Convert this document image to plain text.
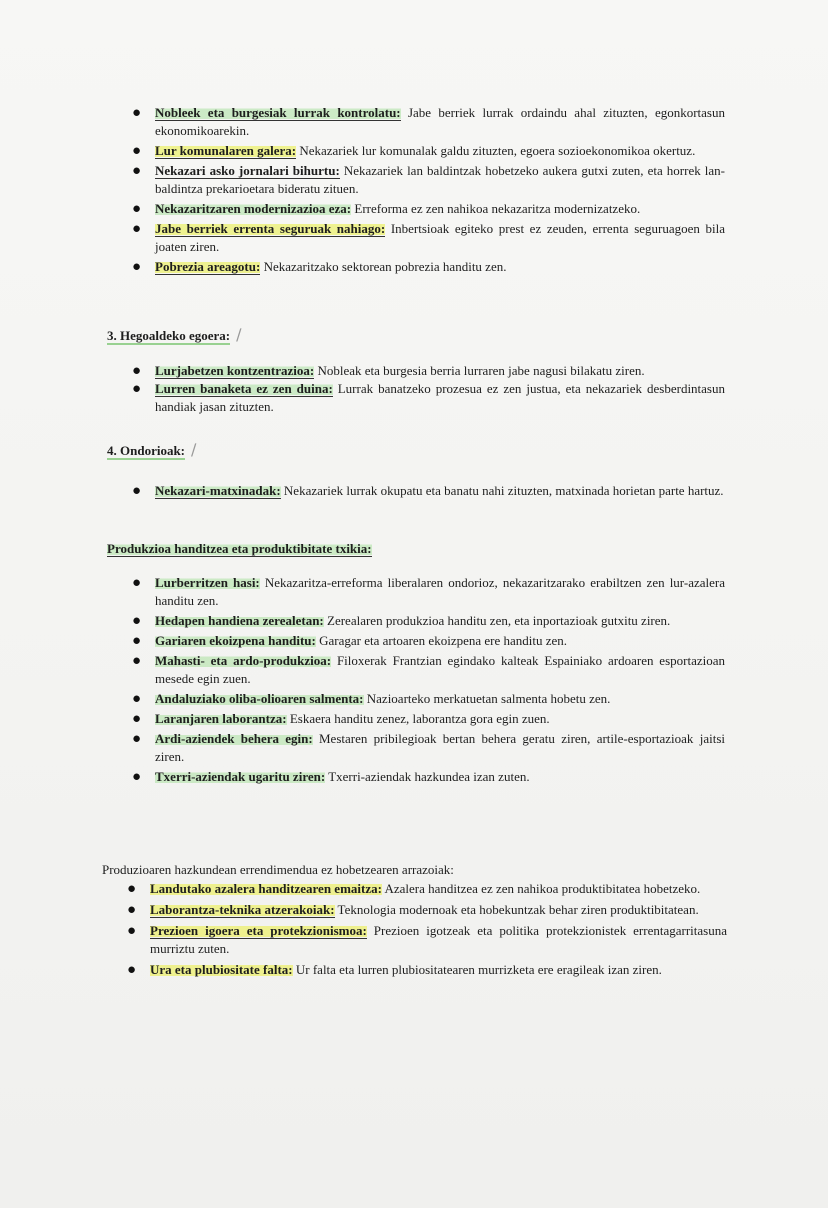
● Nobleek eta burgesiak lurrak kontrolatu: Jabe berriek lurrak ordaindu ahal zituzten, egonkortasun ekonomikoarekin.

● Lur komunalaren galera: Nekazariek lur komunalak galdu zituzten, egoera sozioekonomikoa okertuz.

● Nekazari asko jornalari bihurtu: Nekazariek lan baldintzak hobetzeko aukera gutxi zuten, eta horrek lan-baldintza prekarioetara bideratu zituen.

● Nekazaritzaren modernizazioa eza: Erreforma ez zen nahikoa nekazaritza modernizatzeko.

● Jabe berriek errenta seguruak nahiago: Inbertsioak egiteko prest ez zeuden, errenta seguruagoen bila joaten ziren.

● Pobrezia areagotu: Nekazaritzako sektorean pobrezia handitu zen.

3. Hegoaldeko egoera: ∕
● Lurjabetzen kontzentrazioa: Nobleak eta burgesia berria lurraren jabe nagusi bilakatu ziren.

● Lurren banaketa ez zen duina: Lurrak banatzeko prozesua ez zen justua, eta nekazariek desberdintasun handiak jasan zituzten.

4. Ondorioak: ∕
● Nekazari-matxinadak: Nekazariek lurrak okupatu eta banatu nahi zituzten, matxinada horietan parte hartuz.

Produkzioa handitzea eta produktibitate txikia:
● Lurberritzen hasi: Nekazaritza-erreforma liberalaren ondorioz, nekazaritzarako erabiltzen zen lur-azalera handitu zen.

● Hedapen handiena zerealetan: Zerealaren produkzioa handitu zen, eta inportazioak gutxitu ziren.

● Gariaren ekoizpena handitu: Garagar eta artoaren ekoizpena ere handitu zen.

● Mahasti- eta ardo-produkzioa: Filoxerak Frantzian egindako kalteak Espainiako ardoaren esportazioan mesede egin zuen.

● Andaluziako oliba-olioaren salmenta: Nazioarteko merkatuetan salmenta hobetu zen.

● Laranjaren laborantza: Eskaera handitu zenez, laborantza gora egin zuen.

● Ardi-aziendek behera egin: Mestaren pribilegioak bertan behera geratu ziren, artile-esportazioak jaitsi ziren.

● Txerri-aziendak ugaritu ziren: Txerri-aziendak hazkundea izan zuten.

Produzioaren hazkundean errendimendua ez hobetzearen arrazoiak:

● Landutako azalera handitzearen emaitza: Azalera handitzea ez zen nahikoa produktibitatea hobetzeko.

● Laborantza-teknika atzerakoiak: Teknologia modernoak eta hobekuntzak behar ziren produktibitatean.

● Prezioen igoera eta protekzionismoa: Prezioen igotzeak eta politika protekzionistek errentagarritasuna murriztu zuten.

● Ura eta plubiositate falta: Ur falta eta lurren plubiositatearen murrizketa ere eragileak izan ziren.
